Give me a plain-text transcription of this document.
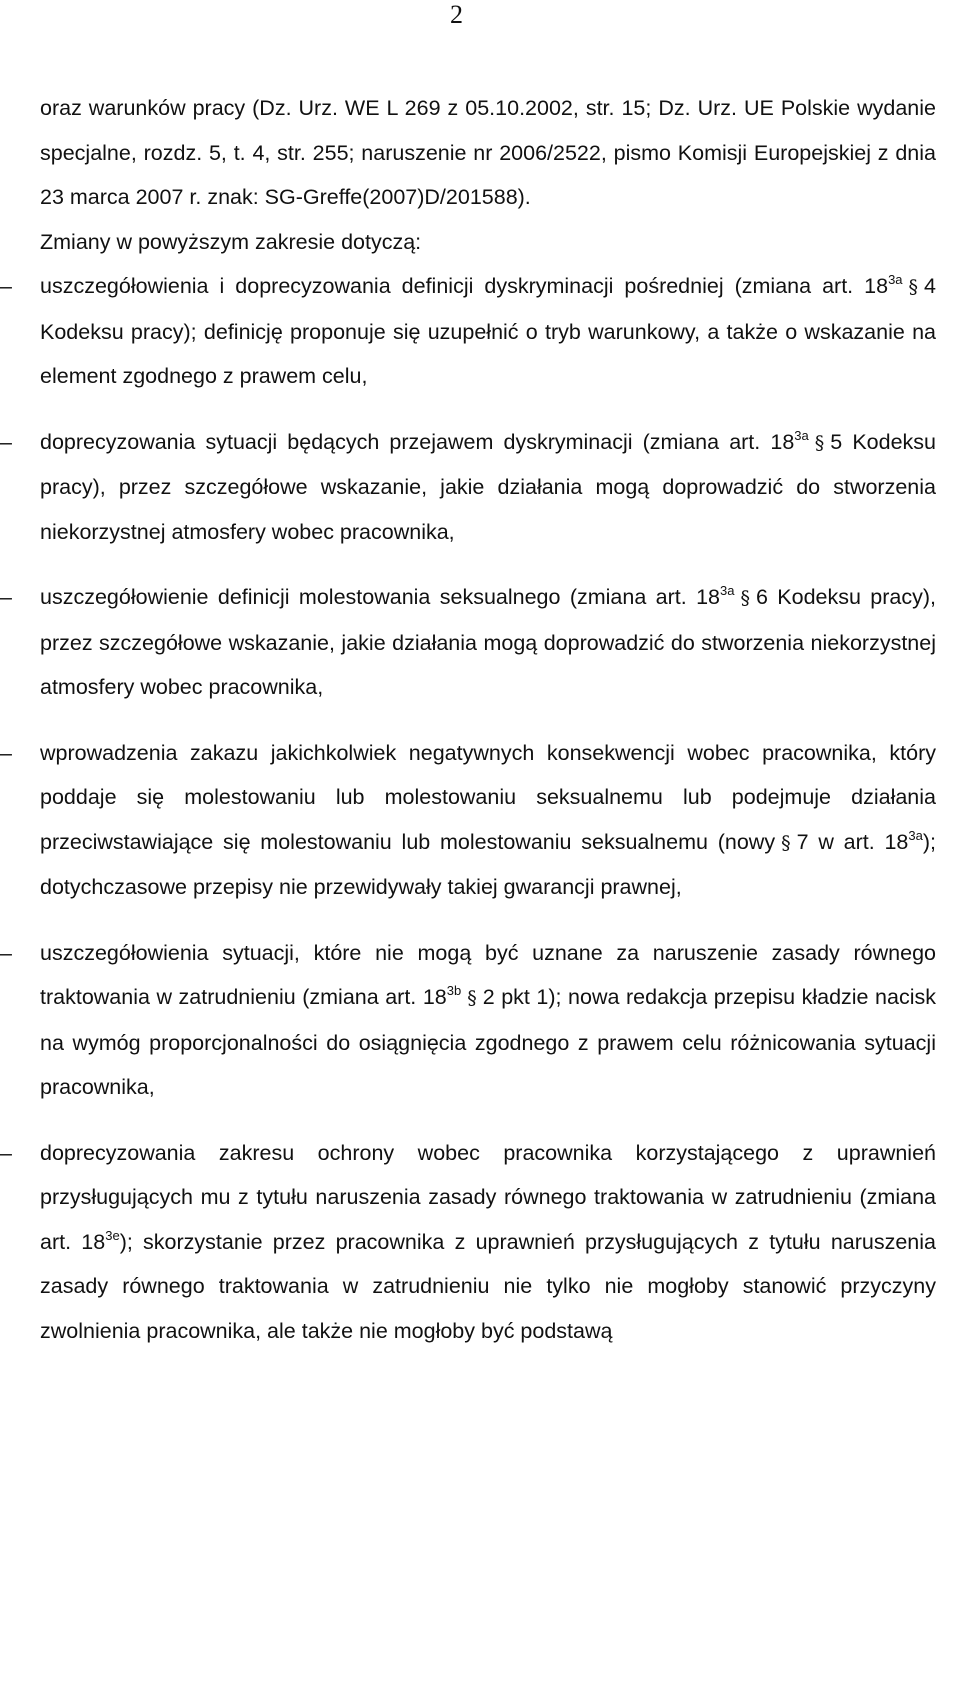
2

oraz warunków pracy (Dz. Urz. WE L 269 z 05.10.2002, str. 15; Dz. Urz. UE Polskie wydanie specjalne, rozdz. 5, t. 4, str. 255; naruszenie nr 2006/2522, pismo Komisji Europejskiej z dnia 23 marca 2007 r. znak: SG-Greffe(2007)D/201588).

Zmiany w powyższym zakresie dotyczą:

–	uszczegółowienia i doprecyzowania definicji dyskryminacji pośredniej (zmiana art. $18^{3a}$ § 4 Kodeksu pracy); definicję proponuje się uzupełnić o tryb warunkowy, a także o wskazanie na element zgodnego z prawem celu,
–	doprecyzowania sytuacji będących przejawem dyskryminacji (zmiana art. $18^{3a}$ § 5 Kodeksu pracy), przez szczegółowe wskazanie, jakie działania mogą doprowadzić do stworzenia niekorzystnej atmosfery wobec pracownika,
–	uszczegółowienie definicji molestowania seksualnego (zmiana art. $18^{3a}$ § 6 Kodeksu pracy), przez szczegółowe wskazanie, jakie działania mogą doprowadzić do stworzenia niekorzystnej atmosfery wobec pracownika,
–	wprowadzenia zakazu jakichkolwiek negatywnych konsekwencji wobec pracownika, który poddaje się molestowaniu lub molestowaniu seksualnemu lub podejmuje działania przeciwstawiające się molestowaniu lub molestowaniu seksualnemu (nowy § 7 w art. $18^{3a}$); dotychczasowe przepisy nie przewidywały takiej gwarancji prawnej,
–	uszczegółowienia sytuacji, które nie mogą być uznane za naruszenie zasady równego traktowania w zatrudnieniu (zmiana art. $18^{3b}$ § 2 pkt 1); nowa redakcja przepisu kładzie nacisk na wymóg proporcjonalności do osiągnięcia zgodnego z prawem celu różnicowania sytuacji pracownika,
–	doprecyzowania zakresu ochrony wobec pracownika korzystającego z uprawnień przysługujących mu z tytułu naruszenia zasady równego traktowania w zatrudnieniu (zmiana art. $18^{3e}$); skorzystanie przez pracownika z uprawnień przysługujących z tytułu naruszenia zasady równego traktowania w zatrudnieniu nie tylko nie mogłoby stanowić przyczyny zwolnienia pracownika, ale także nie mogłoby być podstawą
